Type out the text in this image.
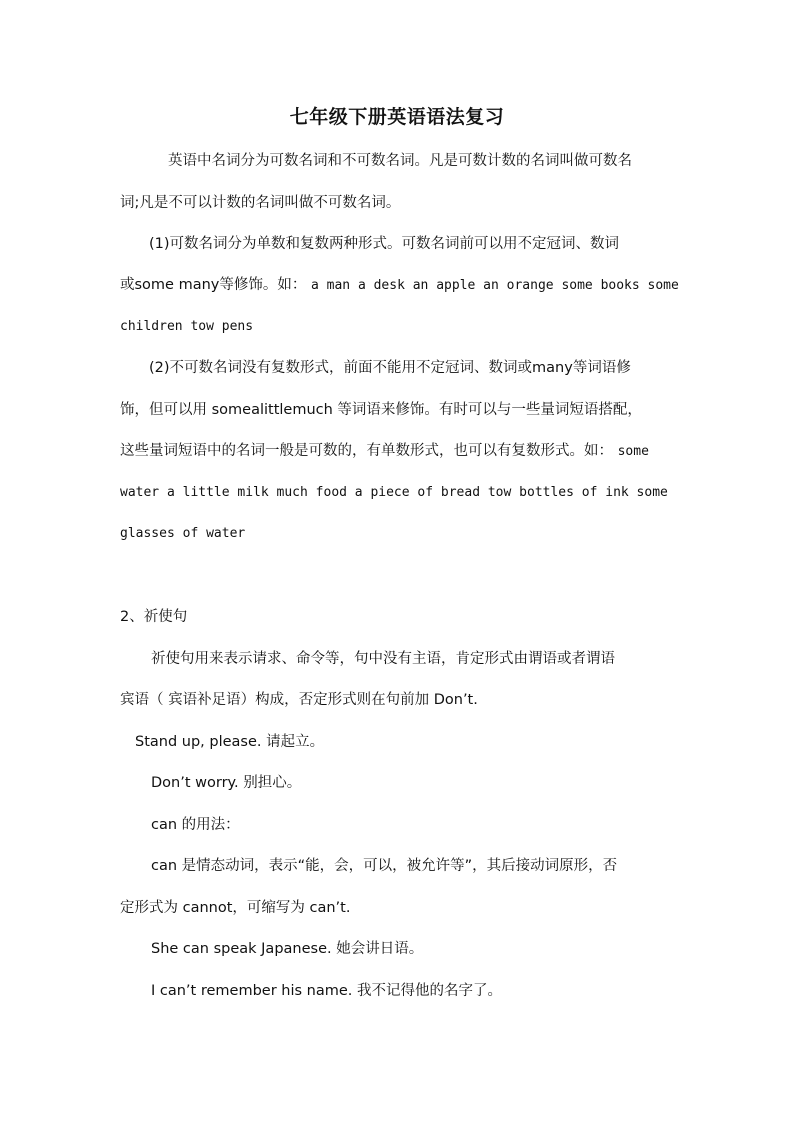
七年级下册英语语法复习
英语中名词分为可数名词和不可数名词。凡是可数计数的名词叫做可数名
词;凡是不可以计数的名词叫做不可数名词。
(1)可数名词分为单数和复数两种形式。可数名词前可以用不定冠词、数词
或some many等修饰。如： a man a desk an apple an orange some books some
children tow pens
(2)不可数名词没有复数形式，前面不能用不定冠词、数词或many等词语修
饰，但可以用 somealittlemuch 等词语来修饰。有时可以与一些量词短语搭配，
这些量词短语中的名词一般是可数的，有单数形式，也可以有复数形式。如： some
water a little milk much food a piece of bread tow bottles of ink some
glasses of water
2、祈使句
祈使句用来表示请求、命令等，句中没有主语，肯定形式由谓语或者谓语
宾语（ 宾语补足语）构成，否定形式则在句前加 Don’t.
Stand up, please. 请起立。
Don’t worry. 别担心。
can 的用法：
can 是情态动词，表示“能，会，可以，被允许等”，其后接动词原形，否
定形式为 cannot，可缩写为 can’t.
She can speak Japanese. 她会讲日语。
I can’t remember his name. 我不记得他的名字了。
